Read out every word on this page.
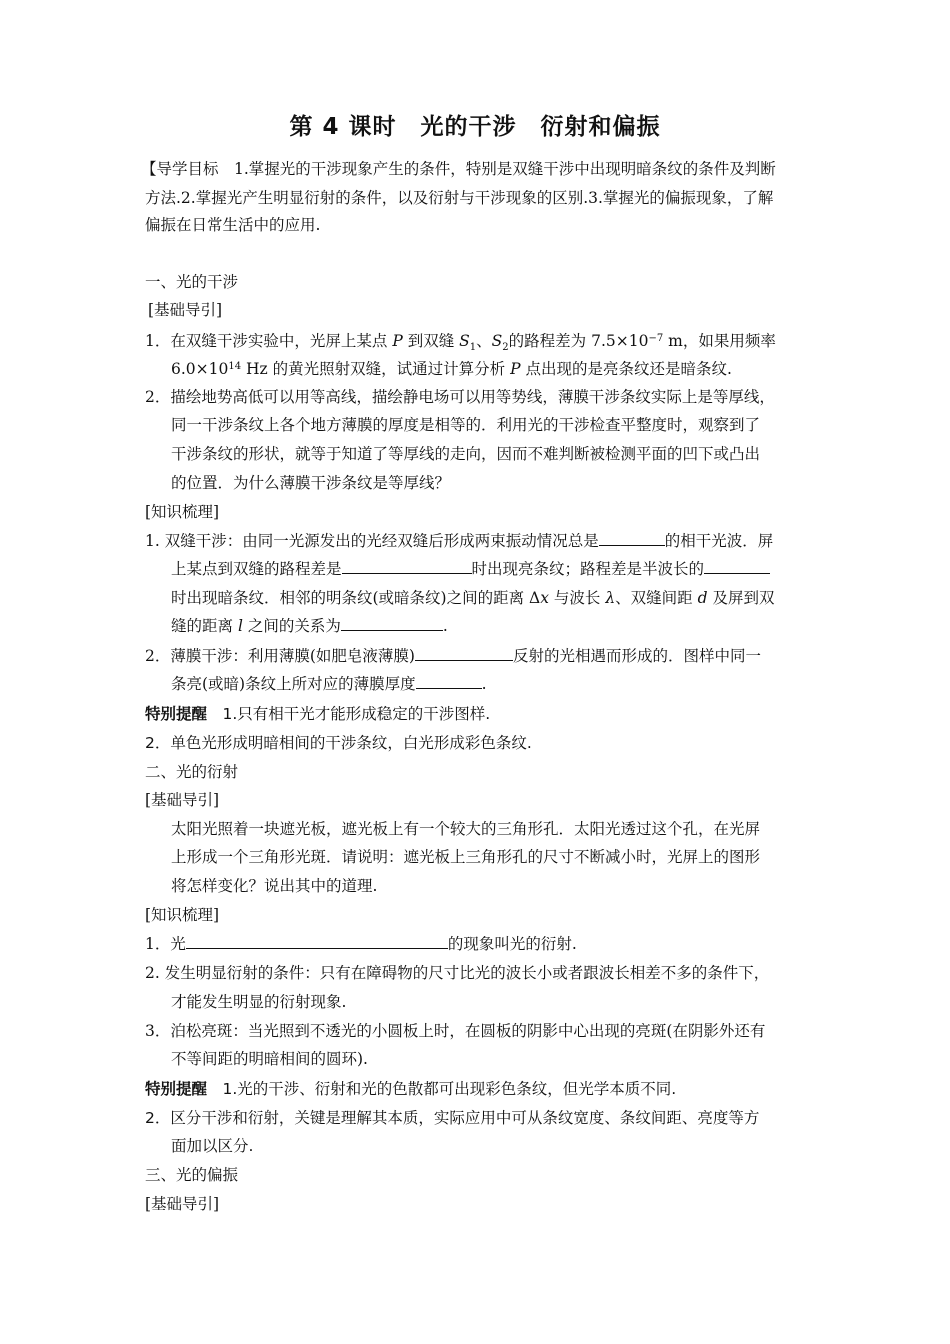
第 4 课时　光的干涉　衍射和偏振
【导学目标　1.掌握光的干涉现象产生的条件，特别是双缝干涉中出现明暗条纹的条件及判断
方法.2.掌握光产生明显衍射的条件，以及衍射与干涉现象的区别.3.掌握光的偏振现象，了解
偏振在日常生活中的应用.
一、光的干涉
[基础导引]
1．在双缝干涉实验中，光屏上某点 P 到双缝 $S_1$、$S_2$的路程差为 $7.5\times 10^{-7}$ m，如果用频率
$6.0\times 10^{14}$ Hz 的黄光照射双缝，试通过计算分析 P 点出现的是亮条纹还是暗条纹.
2．描绘地势高低可以用等高线，描绘静电场可以用等势线，薄膜干涉条纹实际上是等厚线，
同一干涉条纹上各个地方薄膜的厚度是相等的．利用光的干涉检查平整度时，观察到了
干涉条纹的形状，就等于知道了等厚线的走向，因而不难判断被检测平面的凹下或凸出
的位置．为什么薄膜干涉条纹是等厚线？
[知识梳理]
1. 双缝干涉：由同一光源发出的光经双缝后形成两束振动情况总是	的相干光波．屏
上某点到双缝的路程差是	时出现亮条纹；路程差是半波长的
时出现暗条纹．相邻的明条纹(或暗条纹)之间的距离 Δx 与波长 λ、双缝间距 d 及屏到双
缝的距离 l 之间的关系为	.
2．薄膜干涉：利用薄膜(如肥皂液薄膜)	反射的光相遇而形成的．图样中同一
条亮(或暗)条纹上所对应的薄膜厚度	.
特别提醒　1.只有相干光才能形成稳定的干涉图样.
2．单色光形成明暗相间的干涉条纹，白光形成彩色条纹.
二、光的衍射
[基础导引]
太阳光照着一块遮光板，遮光板上有一个较大的三角形孔．太阳光透过这个孔，在光屏
上形成一个三角形光斑．请说明：遮光板上三角形孔的尺寸不断减小时，光屏上的图形
将怎样变化？说出其中的道理.
[知识梳理]
1．光	的现象叫光的衍射.
2. 发生明显衍射的条件：只有在障碍物的尺寸比光的波长小或者跟波长相差不多的条件下，
才能发生明显的衍射现象.
3．泊松亮斑：当光照到不透光的小圆板上时，在圆板的阴影中心出现的亮斑(在阴影外还有
不等间距的明暗相间的圆环).
特别提醒　1.光的干涉、衍射和光的色散都可出现彩色条纹，但光学本质不同.
2．区分干涉和衍射，关键是理解其本质，实际应用中可从条纹宽度、条纹间距、亮度等方
面加以区分.
三、光的偏振
[基础导引]
